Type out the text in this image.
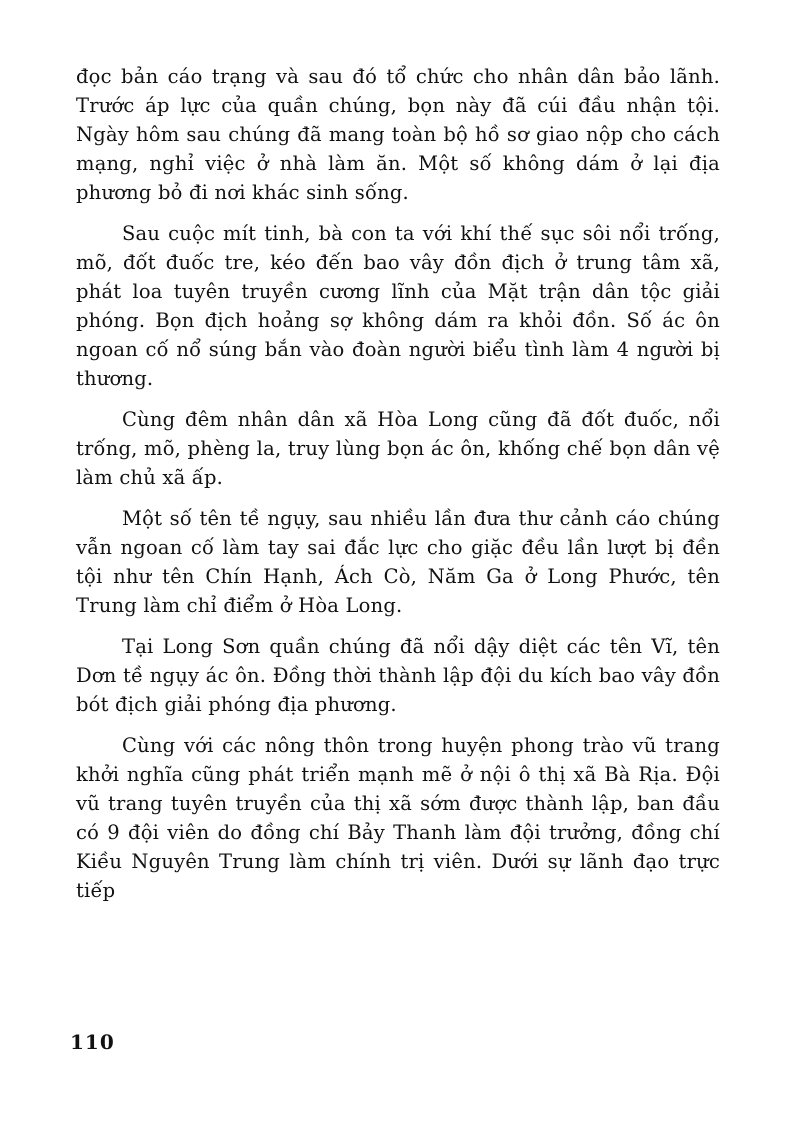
đọc bản cáo trạng và sau đó tổ chức cho nhân dân bảo lãnh. Trước áp lực của quần chúng, bọn này đã cúi đầu nhận tội. Ngày hôm sau chúng đã mang toàn bộ hồ sơ giao nộp cho cách mạng, nghỉ việc ở nhà làm ăn. Một số không dám ở lại địa phương bỏ đi nơi khác sinh sống.

Sau cuộc mít tinh, bà con ta với khí thế sục sôi nổi trống, mõ, đốt đuốc tre, kéo đến bao vây đồn địch ở trung tâm xã, phát loa tuyên truyền cương lĩnh của Mặt trận dân tộc giải phóng. Bọn địch hoảng sợ không dám ra khỏi đồn. Số ác ôn ngoan cố nổ súng bắn vào đoàn người biểu tình làm 4 người bị thương.

Cùng đêm nhân dân xã Hòa Long cũng đã đốt đuốc, nổi trống, mõ, phèng la, truy lùng bọn ác ôn, khống chế bọn dân vệ làm chủ xã ấp.

Một số tên tề ngụy, sau nhiều lần đưa thư cảnh cáo chúng vẫn ngoan cố làm tay sai đắc lực cho giặc đều lần lượt bị đền tội như tên Chín Hạnh, Ách Cò, Năm Ga ở Long Phước, tên Trung làm chỉ điểm ở Hòa Long.

Tại Long Sơn quần chúng đã nổi dậy diệt các tên Vĩ, tên Dơn tề ngụy ác ôn. Đồng thời thành lập đội du kích bao vây đồn bót địch giải phóng địa phương.

Cùng với các nông thôn trong huyện phong trào vũ trang khởi nghĩa cũng phát triển mạnh mẽ ở nội ô thị xã Bà Rịa. Đội vũ trang tuyên truyền của thị xã sớm được thành lập, ban đầu có 9 đội viên do đồng chí Bảy Thanh làm đội trưởng, đồng chí Kiều Nguyên Trung làm chính trị viên. Dưới sự lãnh đạo trực tiếp

110
